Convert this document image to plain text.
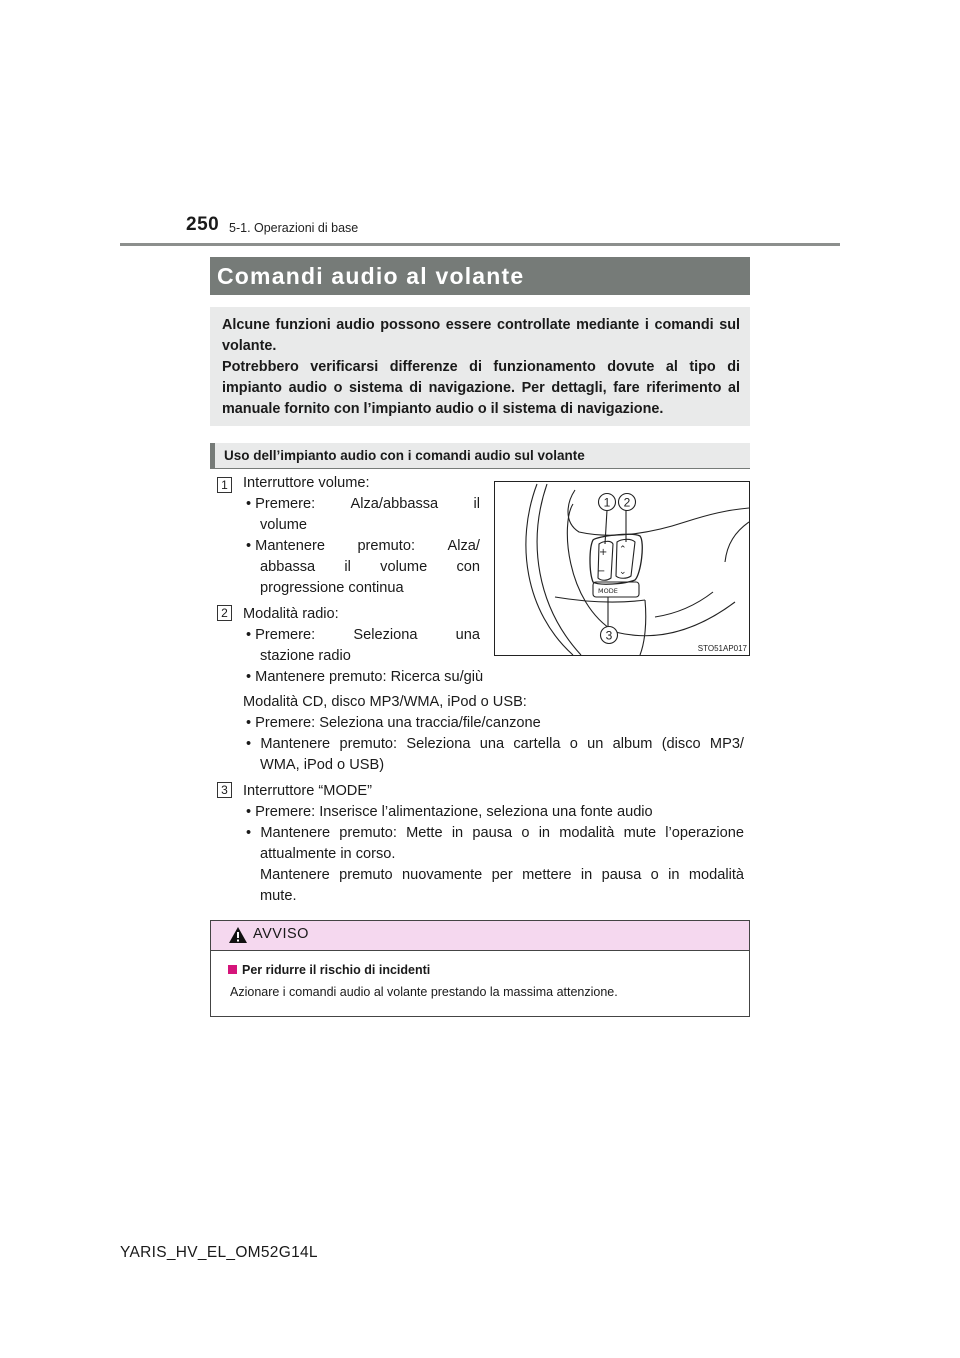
250 5-1. Operazioni di base
Comandi audio al volante

Alcune funzioni audio possono essere controllate mediante i comandi sul volante.

Potrebbero verificarsi differenze di funzionamento dovute al tipo di impianto audio o sistema di navigazione. Per dettagli, fare riferimento al manuale fornito con l’impianto audio o il sistema di navigazione.

Uso dell’impianto audio con i comandi audio sul volante
1 Interruttore volume:
• Premere: Alza/abbassa il
volume
• Mantenere premuto: Alza/
abbassa il volume con
progressione continua
2 Modalità radio:
• Premere:	Seleziona	una
stazione radio
• Mantenere premuto: Ricerca su/giù
Modalità CD, disco MP3/WMA, iPod o USB:
• Premere: Seleziona una traccia/file/canzone
• Mantenere premuto: Seleziona una cartella o un album (disco MP3/
WMA, iPod o USB)
3 Interruttore “MODE”
• Premere: Inserisce l’alimentazione, seleziona una fonte audio
• Mantenere premuto: Mette in pausa o in modalità mute l’operazione
attualmente in corso.
Mantenere premuto nuovamente per mettere in pausa o in modalità
mute.
+
−
⌃
⌄
MODE
1 2
3
STO51AP017
AVVISO
Per ridurre il rischio di incidenti
Azionare i comandi audio al volante prestando la massima attenzione.
YARIS_HV_EL_OM52G14L
